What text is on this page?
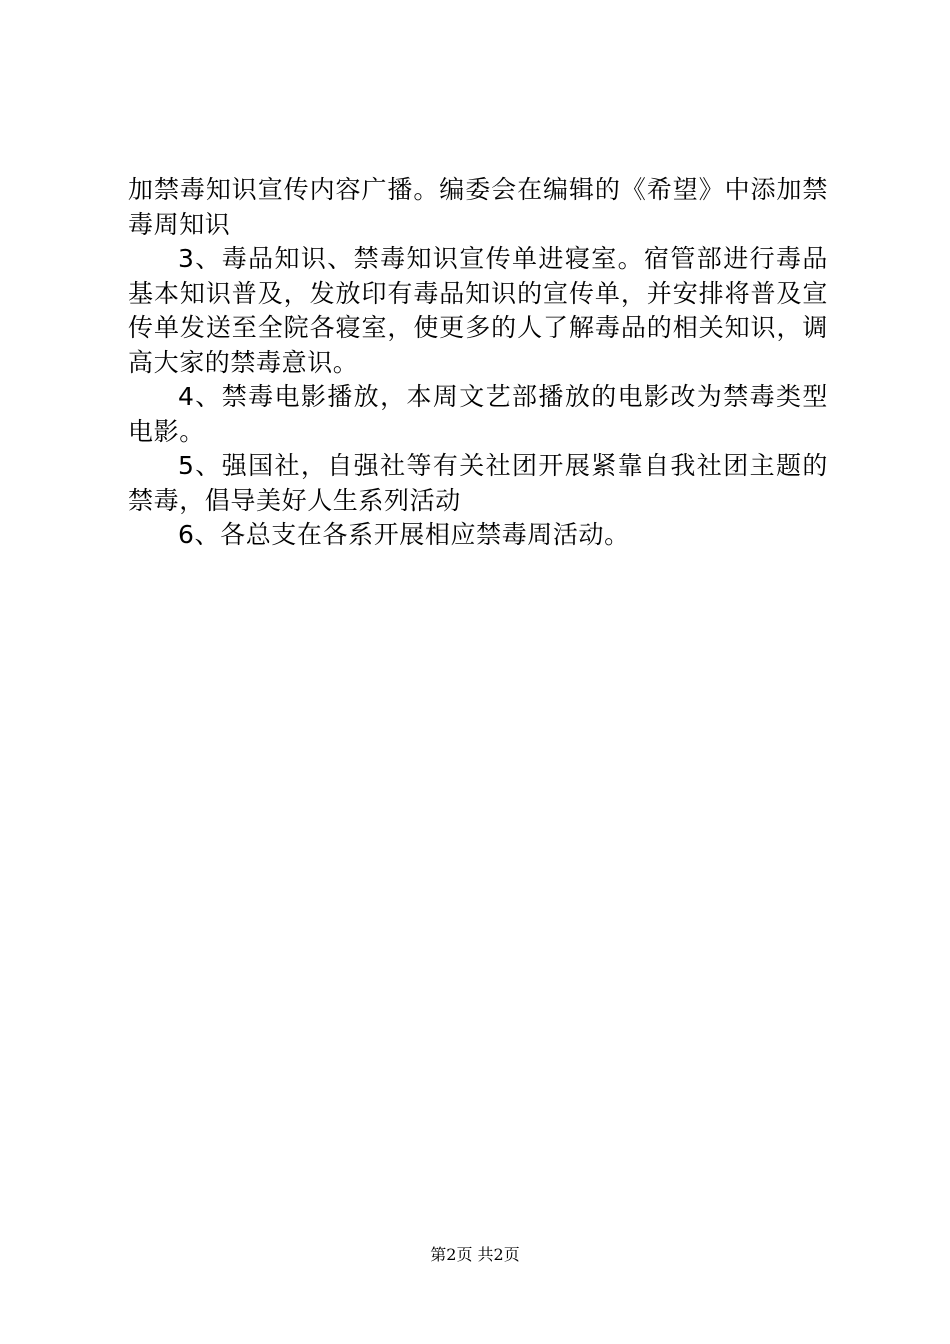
加禁毒知识宣传内容广播。编委会在编辑的《希望》中添加禁毒周知识

3、毒品知识、禁毒知识宣传单进寝室。宿管部进行毒品基本知识普及，发放印有毒品知识的宣传单，并安排将普及宣传单发送至全院各寝室，使更多的人了解毒品的相关知识，调高大家的禁毒意识。

4、禁毒电影播放，本周文艺部播放的电影改为禁毒类型电影。

5、强国社，自强社等有关社团开展紧靠自我社团主题的禁毒，倡导美好人生系列活动

6、各总支在各系开展相应禁毒周活动。

第2页 共2页
